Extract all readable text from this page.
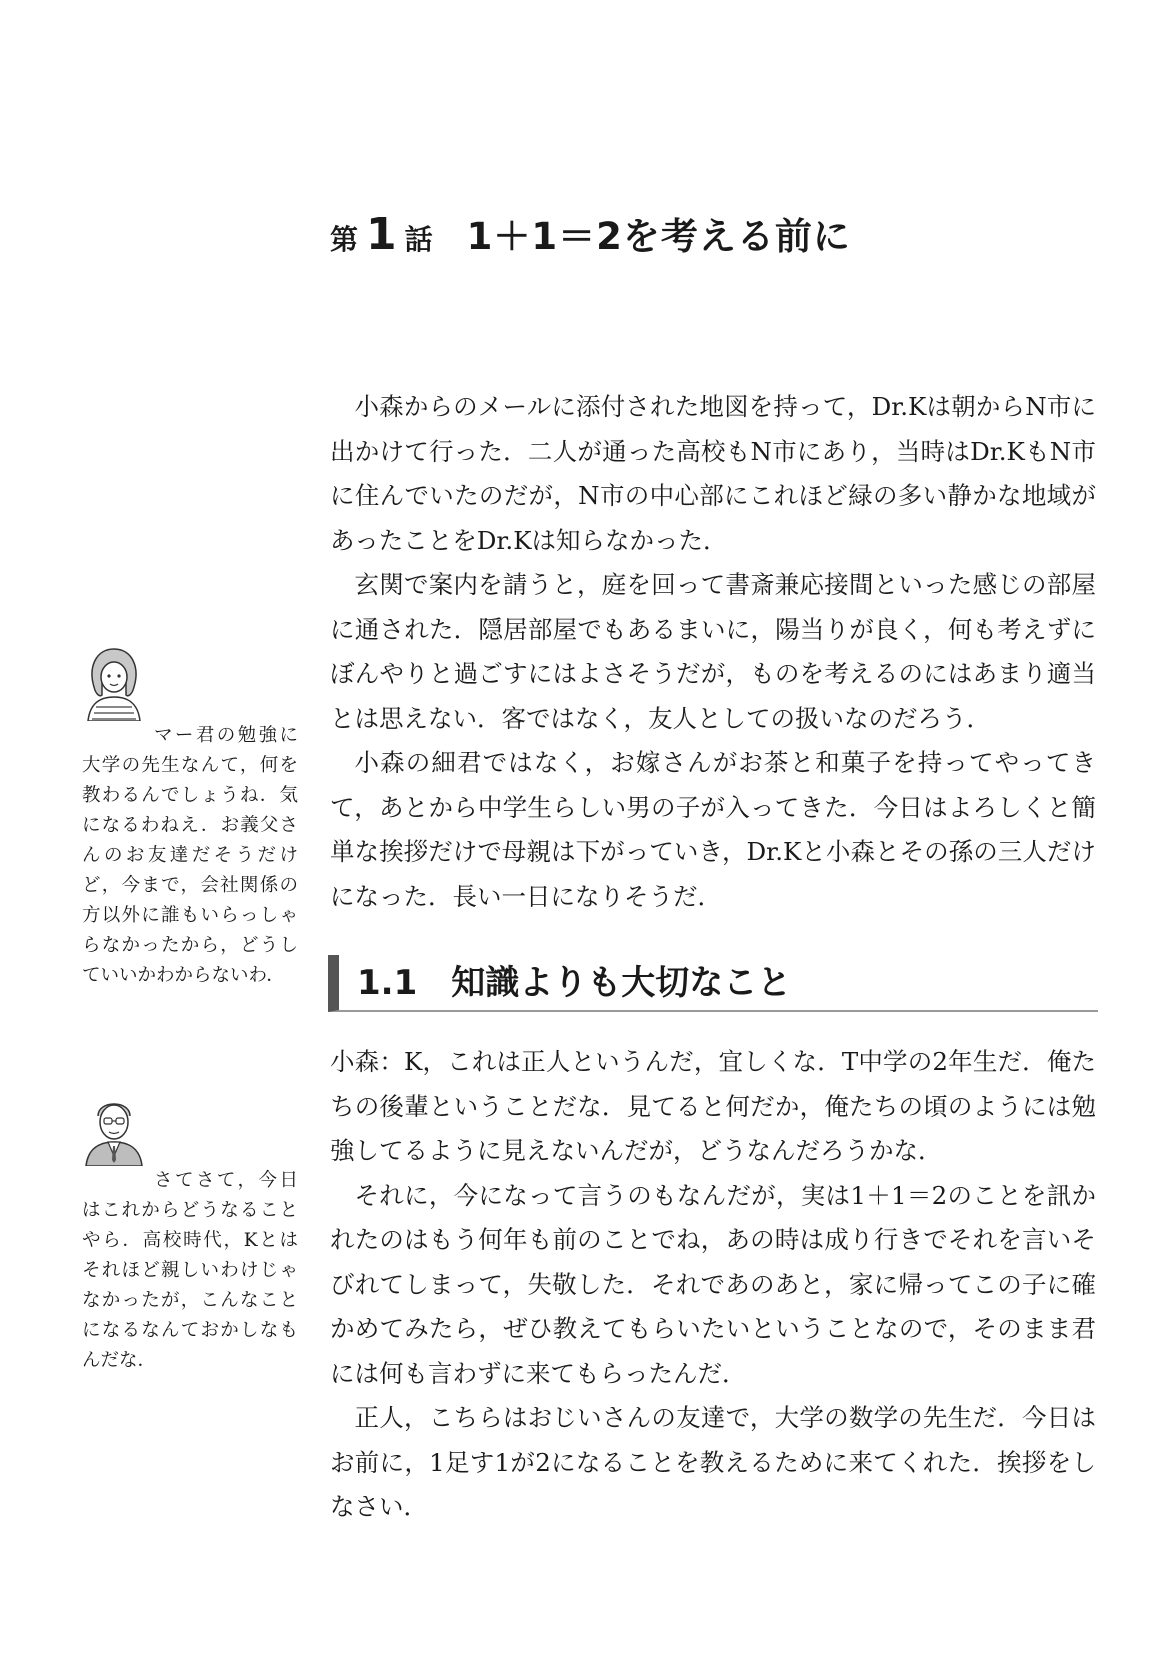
第 1 話 1＋1＝2を考える前に

小森からのメールに添付された地図を持って，Dr.Kは朝からN市に出かけて行った．二人が通った高校もN市にあり，当時はDr.KもN市に住んでいたのだが，N市の中心部にこれほど緑の多い静かな地域があったことをDr.Kは知らなかった．

玄関で案内を請うと，庭を回って書斎兼応接間といった感じの部屋に通された．隠居部屋でもあるまいに，陽当りが良く，何も考えずにぼんやりと過ごすにはよさそうだが，ものを考えるのにはあまり適当とは思えない．客ではなく，友人としての扱いなのだろう．

小森の細君ではなく，お嫁さんがお茶と和菓子を持ってやってきて，あとから中学生らしい男の子が入ってきた．今日はよろしくと簡単な挨拶だけで母親は下がっていき，Dr.Kと小森とその孫の三人だけになった．長い一日になりそうだ．

1.1 知識よりも大切なこと

小森：K，これは正人というんだ，宜しくな．T中学の2年生だ．俺たちの後輩ということだな．見てると何だか，俺たちの頃のようには勉強してるように見えないんだが，どうなんだろうかな．

それに，今になって言うのもなんだが，実は1＋1＝2のことを訊かれたのはもう何年も前のことでね，あの時は成り行きでそれを言いそびれてしまって，失敬した．それであのあと，家に帰ってこの子に確かめてみたら，ぜひ教えてもらいたいということなので，そのまま君には何も言わずに来てもらったんだ．

正人，こちらはおじいさんの友達で，大学の数学の先生だ．今日はお前に，1足す1が2になることを教えるために来てくれた．挨拶をしなさい．

マー君の勉強に大学の先生なんて，何を教わるんでしょうね．気になるわねえ．お義父さんのお友達だそうだけど，今まで，会社関係の方以外に誰もいらっしゃらなかったから，どうしていいかわからないわ．

さてさて，今日はこれからどうなることやら．高校時代，Kとはそれほど親しいわけじゃなかったが，こんなことになるなんておかしなもんだな．
